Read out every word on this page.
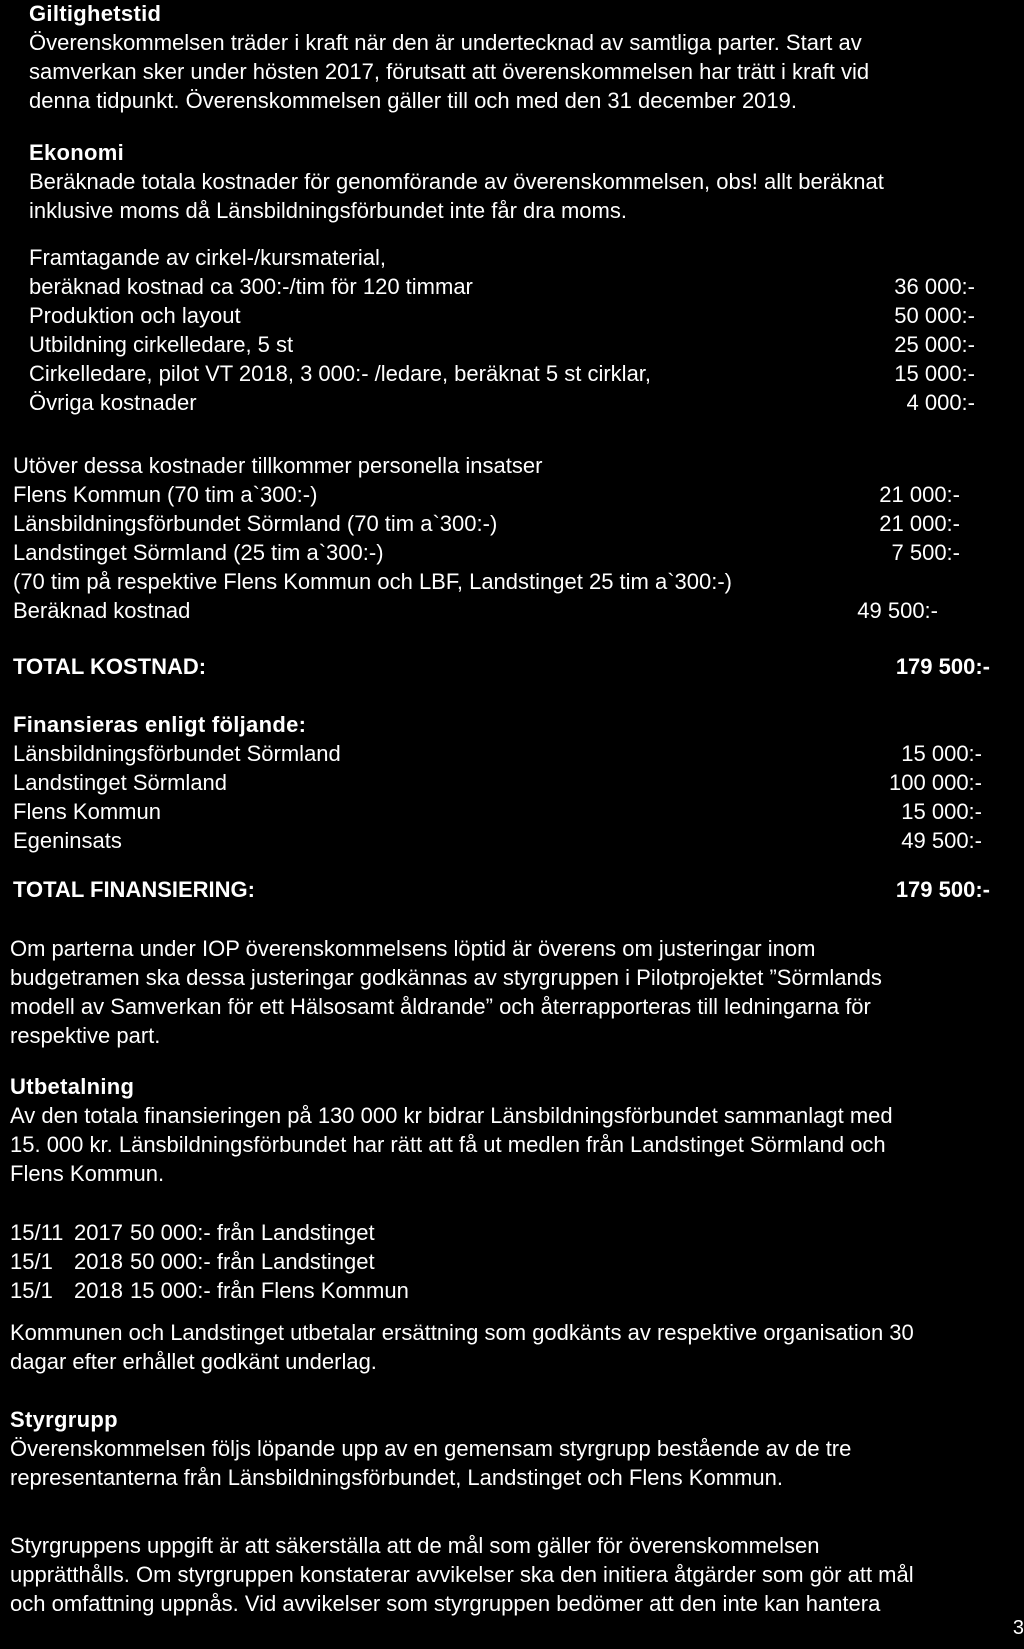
Giltighetstid
Överenskommelsen träder i kraft när den är undertecknad av samtliga parter. Start av
samverkan sker under hösten 2017, förutsatt att överenskommelsen har trätt i kraft vid
denna tidpunkt. Överenskommelsen gäller till och med den 31 december 2019.
Ekonomi
Beräknade totala kostnader för genomförande av överenskommelsen, obs! allt beräknat
inklusive moms då Länsbildningsförbundet inte får dra moms.
Framtagande av cirkel-/kursmaterial,
beräknad kostnad ca 300:-/tim för 120 timmar	36 000:-
Produktion och layout	50 000:-
Utbildning cirkelledare, 5 st	25 000:-
Cirkelledare, pilot VT 2018, 3 000:- /ledare, beräknat 5 st cirklar,	15 000:-
Övriga kostnader	4 000:-
Utöver dessa kostnader tillkommer personella insatser
Flens Kommun (70 tim a`300:-)	21 000:-
Länsbildningsförbundet Sörmland (70 tim a`300:-)	21 000:-
Landstinget Sörmland (25 tim a`300:-)	7 500:-
(70 tim på respektive Flens Kommun och LBF, Landstinget 25 tim a`300:-)
Beräknad kostnad	49 500:-
TOTAL KOSTNAD:	179 500:-
Finansieras enligt följande:
Länsbildningsförbundet Sörmland	15 000:-
Landstinget Sörmland	100 000:-
Flens Kommun	15 000:-
Egeninsats	49 500:-
TOTAL FINANSIERING:	179 500:-
Om parterna under IOP överenskommelsens löptid är överens om justeringar inom
budgetramen ska dessa justeringar godkännas av styrgruppen i Pilotprojektet ”Sörmlands
modell av Samverkan för ett Hälsosamt åldrande” och återrapporteras till ledningarna för
respektive part.
Utbetalning
Av den totala finansieringen på 130 000 kr bidrar Länsbildningsförbundet sammanlagt med
15. 000 kr. Länsbildningsförbundet har rätt att få ut medlen från Landstinget Sörmland och
Flens Kommun.
15/11 2017 50 000:- från Landstinget
15/1 2018 50 000:- från Landstinget
15/1 2018 15 000:- från Flens Kommun
Kommunen och Landstinget utbetalar ersättning som godkänts av respektive organisation 30
dagar efter erhållet godkänt underlag.
Styrgrupp
Överenskommelsen följs löpande upp av en gemensam styrgrupp bestående av de tre
representanterna från Länsbildningsförbundet, Landstinget och Flens Kommun.
Styrgruppens uppgift är att säkerställa att de mål som gäller för överenskommelsen
upprätthålls. Om styrgruppen konstaterar avvikelser ska den initiera åtgärder som gör att mål
och omfattning uppnås. Vid avvikelser som styrgruppen bedömer att den inte kan hantera
3
